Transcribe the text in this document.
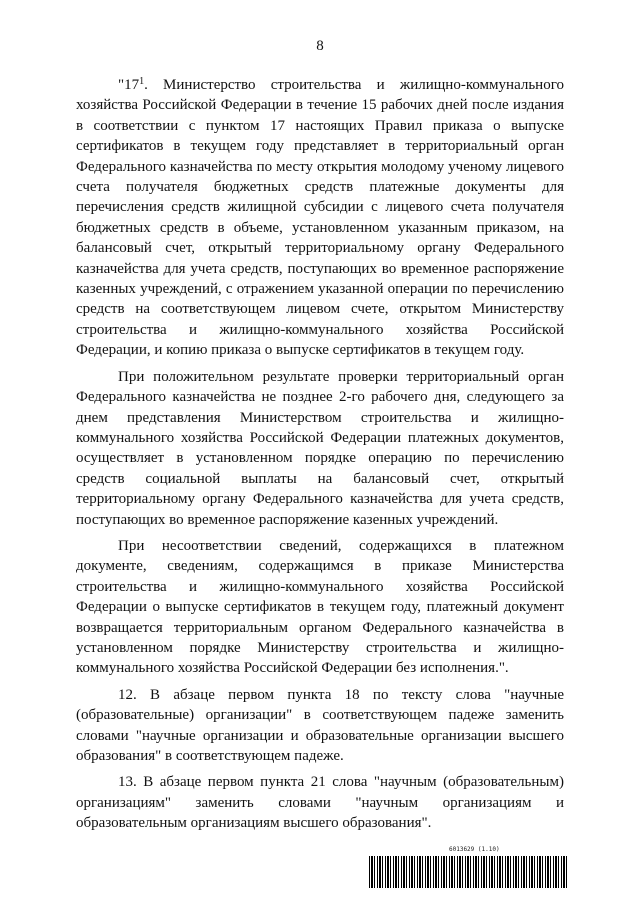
8

"$17^1$. Министерство строительства и жилищно-коммунального хозяйства Российской Федерации в течение 15 рабочих дней после издания в соответствии с пунктом 17 настоящих Правил приказа о выпуске сертификатов в текущем году представляет в территориальный орган Федерального казначейства по месту открытия молодому ученому лицевого счета получателя бюджетных средств платежные документы для перечисления средств жилищной субсидии с лицевого счета получателя бюджетных средств в объеме, установленном указанным приказом, на балансовый счет, открытый территориальному органу Федерального казначейства для учета средств, поступающих во временное распоряжение казенных учреждений, с отражением указанной операции по перечислению средств на соответствующем лицевом счете, открытом Министерству строительства и жилищно-коммунального хозяйства Российской Федерации, и копию приказа о выпуске сертификатов в текущем году.

При положительном результате проверки территориальный орган Федерального казначейства не позднее 2-го рабочего дня, следующего за днем представления Министерством строительства и жилищно-коммунального хозяйства Российской Федерации платежных документов, осуществляет в установленном порядке операцию по перечислению средств социальной выплаты на балансовый счет, открытый территориальному органу Федерального казначейства для учета средств, поступающих во временное распоряжение казенных учреждений.

При несоответствии сведений, содержащихся в платежном документе, сведениям, содержащимся в приказе Министерства строительства и жилищно-коммунального хозяйства Российской Федерации о выпуске сертификатов в текущем году, платежный документ возвращается территориальным органом Федерального казначейства в установленном порядке Министерству строительства и жилищно-коммунального хозяйства Российской Федерации без исполнения.".

12. В абзаце первом пункта 18 по тексту слова "научные (образовательные) организации" в соответствующем падеже заменить словами "научные организации и образовательные организации высшего образования" в соответствующем падеже.

13. В абзаце первом пункта 21 слова "научным (образовательным) организациям" заменить словами "научным организациям и образовательным организациям высшего образования".

6013629 (1.10)
